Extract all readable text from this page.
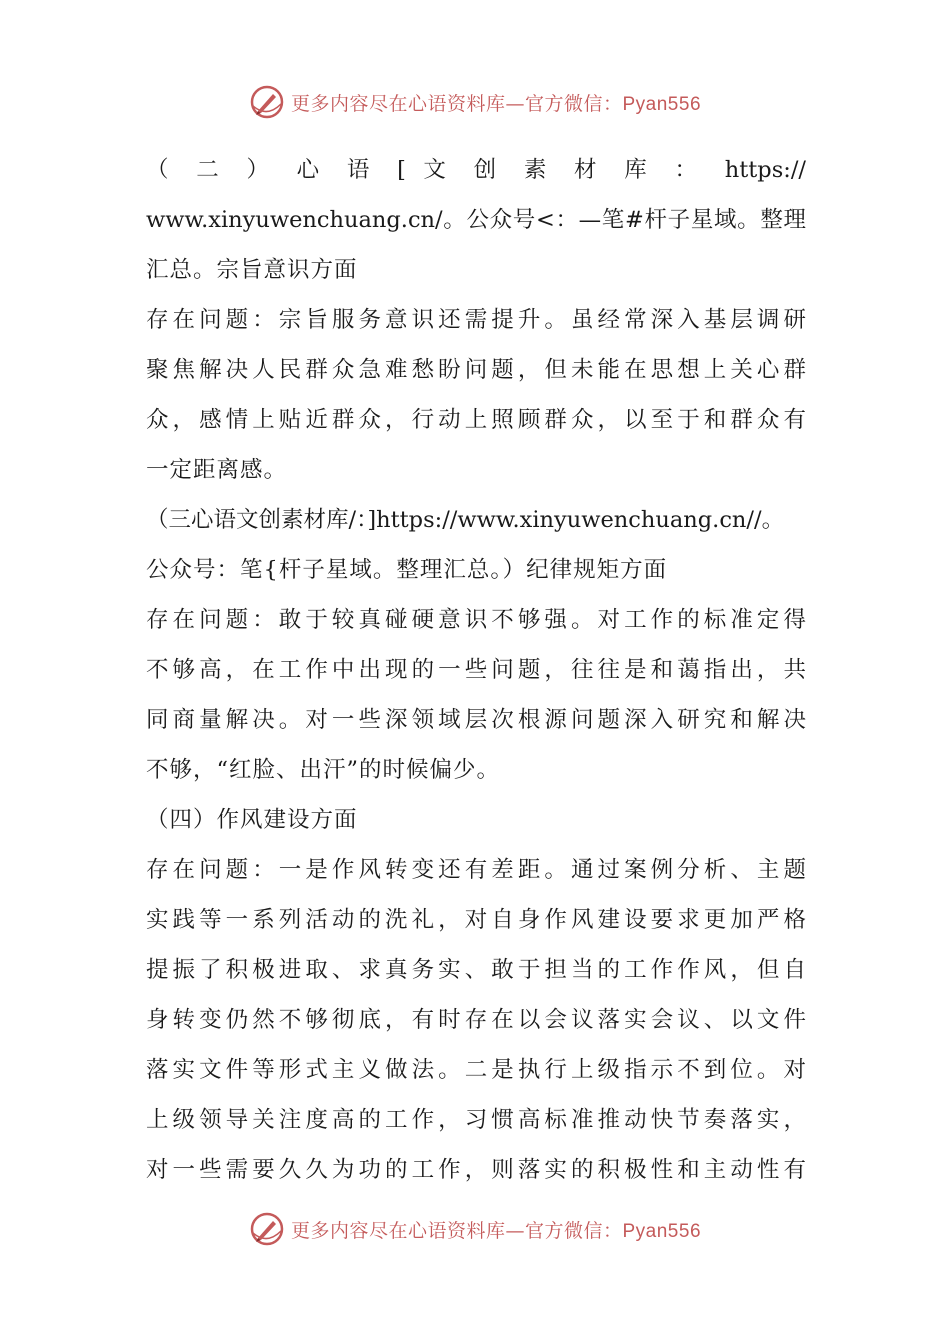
更多内容尽在心语资料库—官方微信：Pyan556
（ 二 ） 心 语 [ 文 创 素 材 库 ： https://
www.xinyuwenchuang.cn/。公众号<：—笔#杆子星域。整理
汇总。宗旨意识方面
存在问题：宗旨服务意识还需提升。虽经常深入基层调研
聚焦解决人民群众急难愁盼问题，但未能在思想上关心群
众，感情上贴近群众，行动上照顾群众，以至于和群众有
一定距离感。
（三心语文创素材库/：]https://www.xinyuwenchuang.cn//。
公众号：笔{杆子星域。整理汇总。）纪律规矩方面
存在问题：敢于较真碰硬意识不够强。对工作的标准定得
不够高，在工作中出现的一些问题，往往是和蔼指出，共
同商量解决。对一些深领域层次根源问题深入研究和解决
不够，“红脸、出汗”的时候偏少。
（四）作风建设方面
存在问题：一是作风转变还有差距。通过案例分析、主题
实践等一系列活动的洗礼，对自身作风建设要求更加严格
提振了积极进取、求真务实、敢于担当的工作作风，但自
身转变仍然不够彻底，有时存在以会议落实会议、以文件
落实文件等形式主义做法。二是执行上级指示不到位。对
上级领导关注度高的工作，习惯高标准推动快节奏落实，
对一些需要久久为功的工作，则落实的积极性和主动性有
更多内容尽在心语资料库—官方微信：Pyan556
